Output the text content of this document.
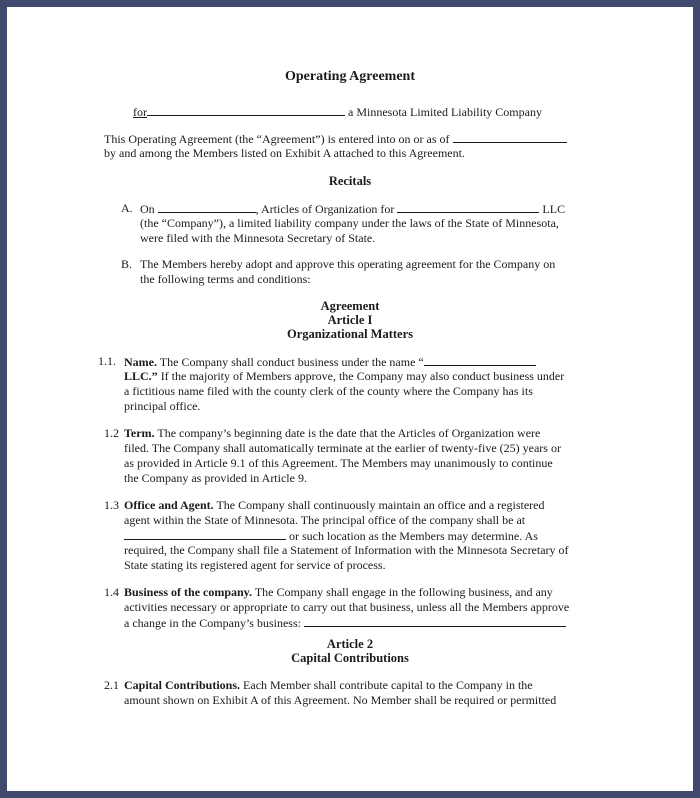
Operating Agreement
for	a Minnesota Limited Liability Company
This Operating Agreement (the “Agreement”) is entered into on or as of
by and among the Members listed on Exhibit A attached to this Agreement.
Recitals
A. On	, Articles of Organization for	LLC
(the “Company”), a limited liability company under the laws of the State of Minnesota,
were filed with the Minnesota Secretary of State.
B. The Members hereby adopt and approve this operating agreement for the Company on
the following terms and conditions:
Agreement
Article I
Organizational Matters
1.1. Name. The Company shall conduct business under the name “
LLC.” If the majority of Members approve, the Company may also conduct business under
a fictitious name filed with the county clerk of the county where the Company has its
principal office.
1.2 Term. The company’s beginning date is the date that the Articles of Organization were
filed. The Company shall automatically terminate at the earlier of twenty-five (25) years or
as provided in Article 9.1 of this Agreement. The Members may unanimously to continue
the Company as provided in Article 9.
1.3 Office and Agent. The Company shall continuously maintain an office and a registered
agent within the State of Minnesota. The principal office of the company shall be at
or such location as the Members may determine. As
required, the Company shall file a Statement of Information with the Minnesota Secretary of
State stating its registered agent for service of process.
1.4 Business of the company. The Company shall engage in the following business, and any
activities necessary or appropriate to carry out that business, unless all the Members approve
a change in the Company’s business:
Article 2
Capital Contributions
2.1 Capital Contributions. Each Member shall contribute capital to the Company in the
amount shown on Exhibit A of this Agreement. No Member shall be required or permitted
